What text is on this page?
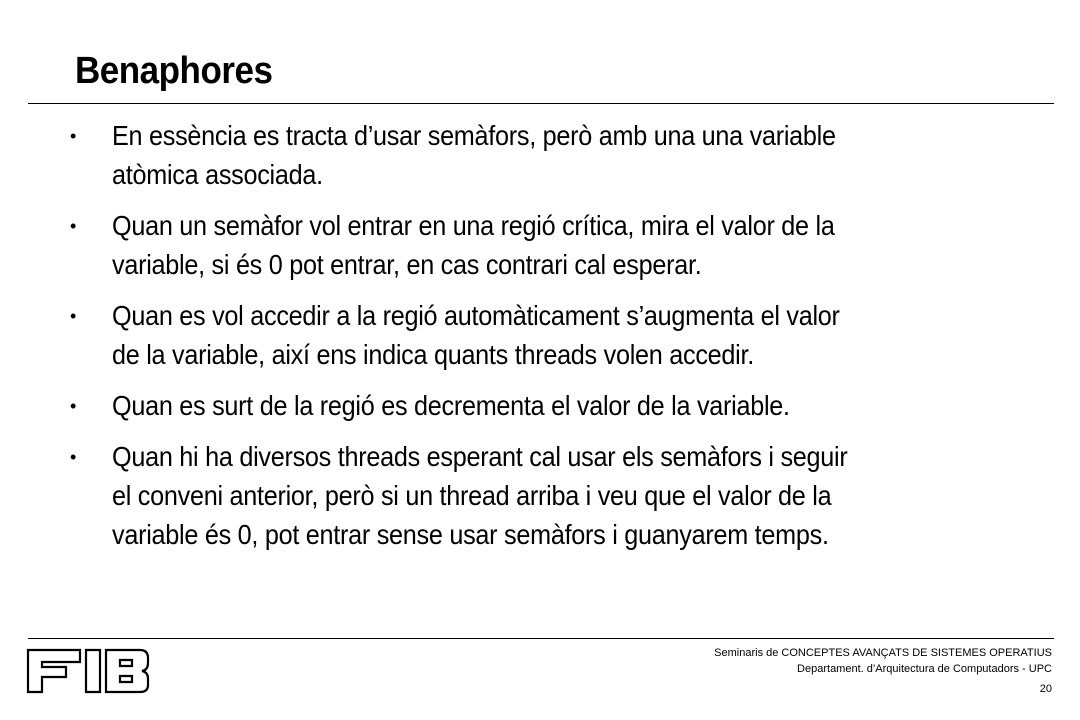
Benaphores
• En essència es tracta d’usar semàfors, però amb una una variable
atòmica associada.
• Quan un semàfor vol entrar en una regió crítica, mira el valor de la
variable, si és 0 pot entrar, en cas contrari cal esperar.
• Quan es vol accedir a la regió automàticament s’augmenta el valor
de la variable, així ens indica quants threads volen accedir.
• Quan es surt de la regió es decrementa el valor de la variable.
• Quan hi ha diversos threads esperant cal usar els semàfors i seguir
el conveni anterior, però si un thread arriba i veu que el valor de la
variable és 0, pot entrar sense usar semàfors i guanyarem temps.
Seminaris de CONCEPTES AVANÇATS DE SISTEMES OPERATIUS
Departament. d’Arquitectura de Computadors - UPC
20
